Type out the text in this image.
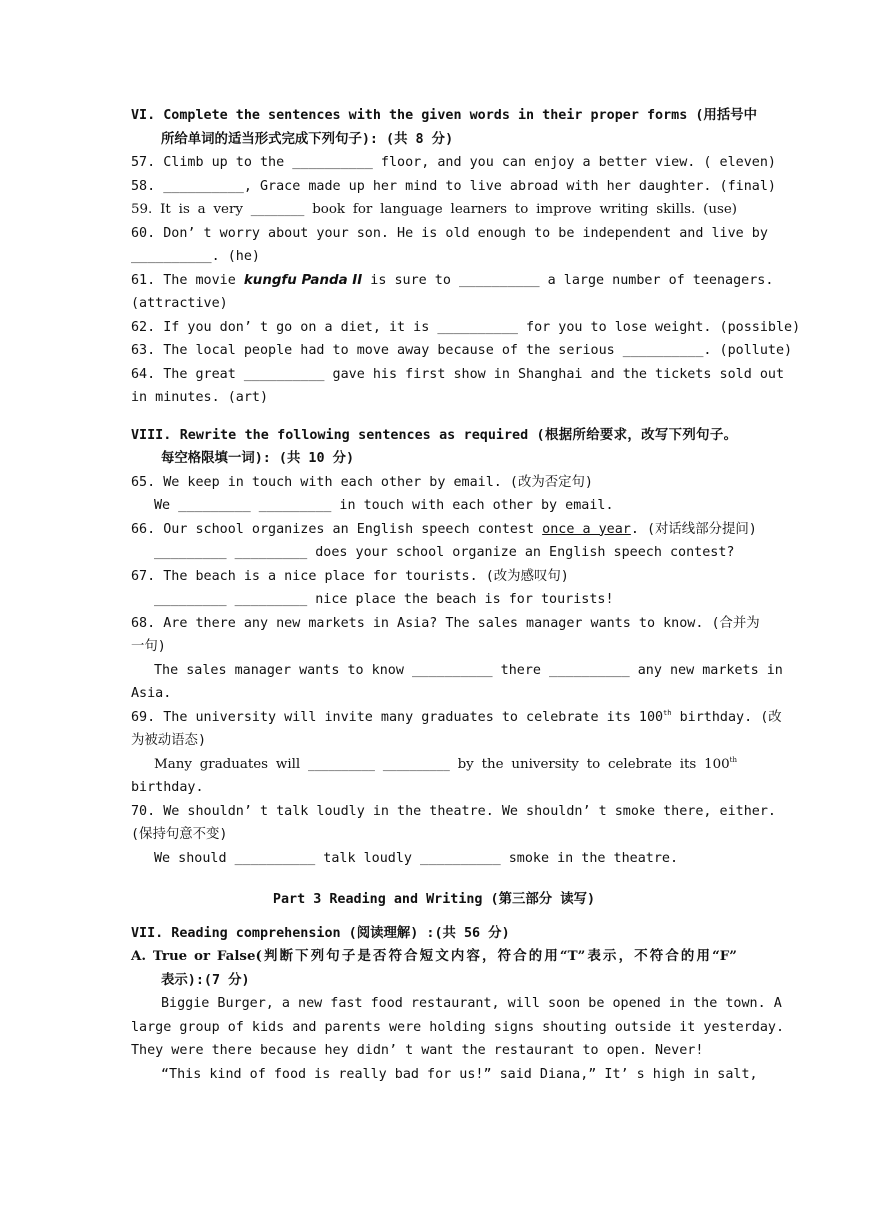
VI. Complete the sentences with the given words in their proper forms (用括号中
所给单词的适当形式完成下列句子): (共 8 分)
57. Climb up to the __________ floor, and you can enjoy a better view. ( eleven)
58. __________, Grace made up her mind to live abroad with her daughter. (final)
59. It is a very ________ book for language learners to improve writing skills. (use)
60. Don’ t worry about your son. He is old enough to be independent and live by
__________. (he)
61. The movie kungfu Panda II is sure to __________ a large number of teenagers.
(attractive)
62. If you don’ t go on a diet, it is __________ for you to lose weight. (possible)
63. The local people had to move away because of the serious __________. (pollute)
64. The great __________ gave his first show in Shanghai and the tickets sold out
in minutes. (art)
VIII. Rewrite the following sentences as required (根据所给要求，改写下列句子。
每空格限填一词): (共 10 分)
65. We keep in touch with each other by email. (改为否定句)
We _________ _________ in touch with each other by email.
66. Our school organizes an English speech contest once a year. (对话线部分提问)
_________ _________ does your school organize an English speech contest?
67. The beach is a nice place for tourists. (改为感叹句)
_________ _________ nice place the beach is for tourists!
68. Are there any new markets in Asia? The sales manager wants to know. (合并为
一句)
The sales manager wants to know __________ there __________ any new markets in
Asia.
69. The university will invite many graduates to celebrate its 100th birthday. (改
为被动语态)
Many graduates will __________ __________ by the university to celebrate its 100th
birthday.
70. We shouldn’ t talk loudly in the theatre. We shouldn’ t smoke there, either.
(保持句意不变)
We should __________ talk loudly __________ smoke in the theatre.
Part 3 Reading and Writing (第三部分 读写)
VII. Reading comprehension (阅读理解) :(共 56 分)
A. True or False(判断下列句子是否符合短文内容，符合的用“T”表示，不符合的用“F”
表示):(7 分)
Biggie Burger, a new fast food restaurant, will soon be opened in the town. A
large group of kids and parents were holding signs shouting outside it yesterday.
They were there because hey didn’ t want the restaurant to open. Never!
“This kind of food is really bad for us!” said Diana,” It’ s high in salt,
